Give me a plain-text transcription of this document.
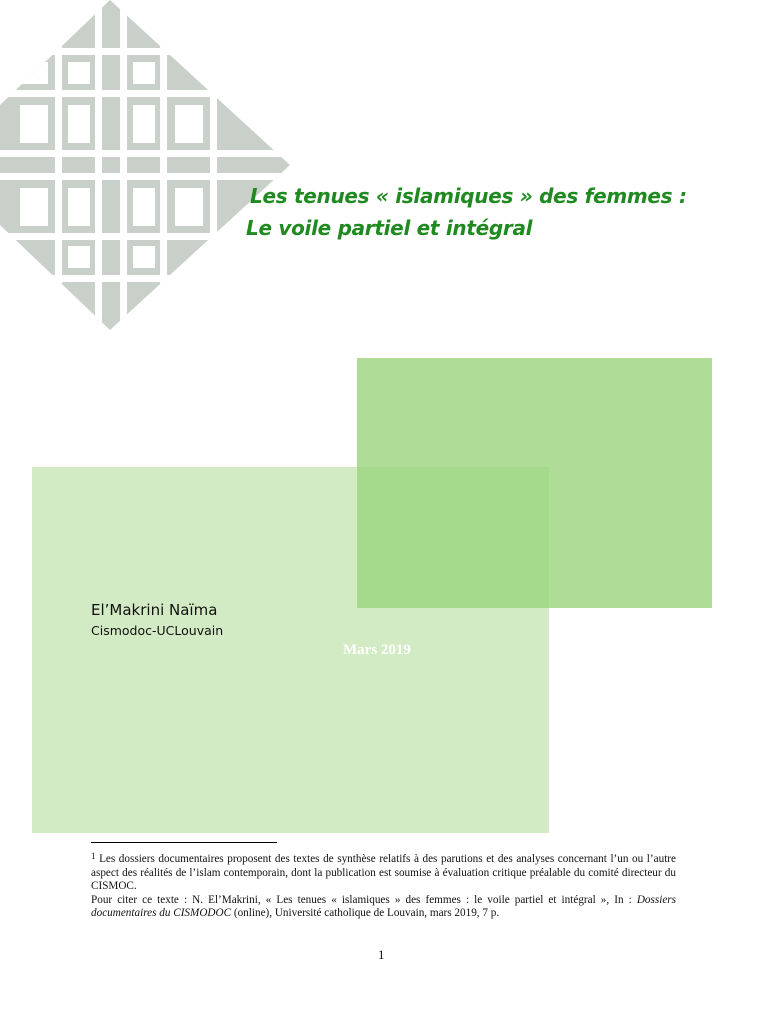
Les tenues « islamiques » des femmes :
Le voile partiel et intégral
El’Makrini Naïma
Cismodoc-UCLouvain
Mars 2019

$^1$ Les dossiers documentaires proposent des textes de synthèse relatifs à des parutions et des analyses concernant l’un ou l’autre aspect des réalités de l’islam contemporain, dont la publication est soumise à évaluation critique préalable du comité directeur du CISMOC.

Pour citer ce texte : N. El’Makrini, « Les tenues « islamiques » des femmes : le voile partiel et intégral », In : Dossiers documentaires du CISMODOC (online), Université catholique de Louvain, mars 2019, 7 p.

1
